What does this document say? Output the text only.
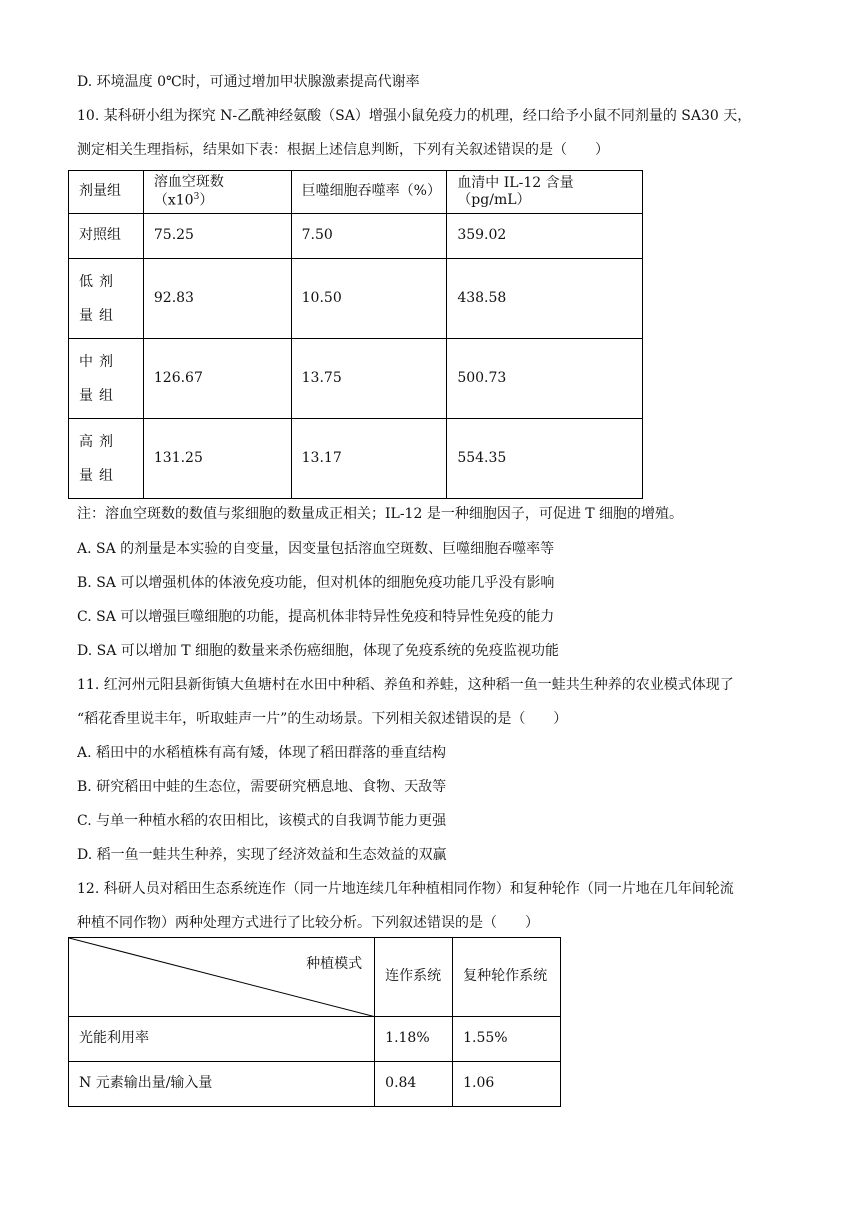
D. 环境温度 0℃时，可通过增加甲状腺激素提高代谢率
10. 某科研小组为探究 N-乙酰神经氨酸（SA）增强小鼠免疫力的机理，经口给予小鼠不同剂量的 SA30 天，
测定相关生理指标，结果如下表：根据上述信息判断，下列有关叙述错误的是（　　）
剂量组	溶血空斑数$(x10^3)$	巨噬细胞吞噬率（%）	血清中 IL-12 含量（pg/mL）
对照组	75.25	7.50	359.02
低剂量组	92.83	10.50	438.58
中剂量组	126.67	13.75	500.73
高剂量组	131.25	13.17	554.35
注：溶血空斑数的数值与浆细胞的数量成正相关；IL-12 是一种细胞因子，可促进 T 细胞的增殖。
A. SA 的剂量是本实验的自变量，因变量包括溶血空斑数、巨噬细胞吞噬率等
B. SA 可以增强机体的体液免疫功能，但对机体的细胞免疫功能几乎没有影响
C. SA 可以增强巨噬细胞的功能，提高机体非特异性免疫和特异性免疫的能力
D. SA 可以增加 T 细胞的数量来杀伤癌细胞，体现了免疫系统的免疫监视功能
11. 红河州元阳县新街镇大鱼塘村在水田中种稻、养鱼和养蛙，这种稻一鱼一蛙共生种养的农业模式体现了
“稻花香里说丰年，听取蛙声一片”的生动场景。下列相关叙述错误的是（　　）
A. 稻田中的水稻植株有高有矮，体现了稻田群落的垂直结构
B. 研究稻田中蛙的生态位，需要研究栖息地、食物、天敌等
C. 与单一种植水稻的农田相比，该模式的自我调节能力更强
D. 稻一鱼一蛙共生种养，实现了经济效益和生态效益的双赢
12. 科研人员对稻田生态系统连作（同一片地连续几年种植相同作物）和复种轮作（同一片地在几年间轮流
种植不同作物）两种处理方式进行了比较分析。下列叙述错误的是（　　）
种植模式	连作系统	复种轮作系统
光能利用率	1.18%	1.55%
N 元素输出量/输入量	0.84	1.06
